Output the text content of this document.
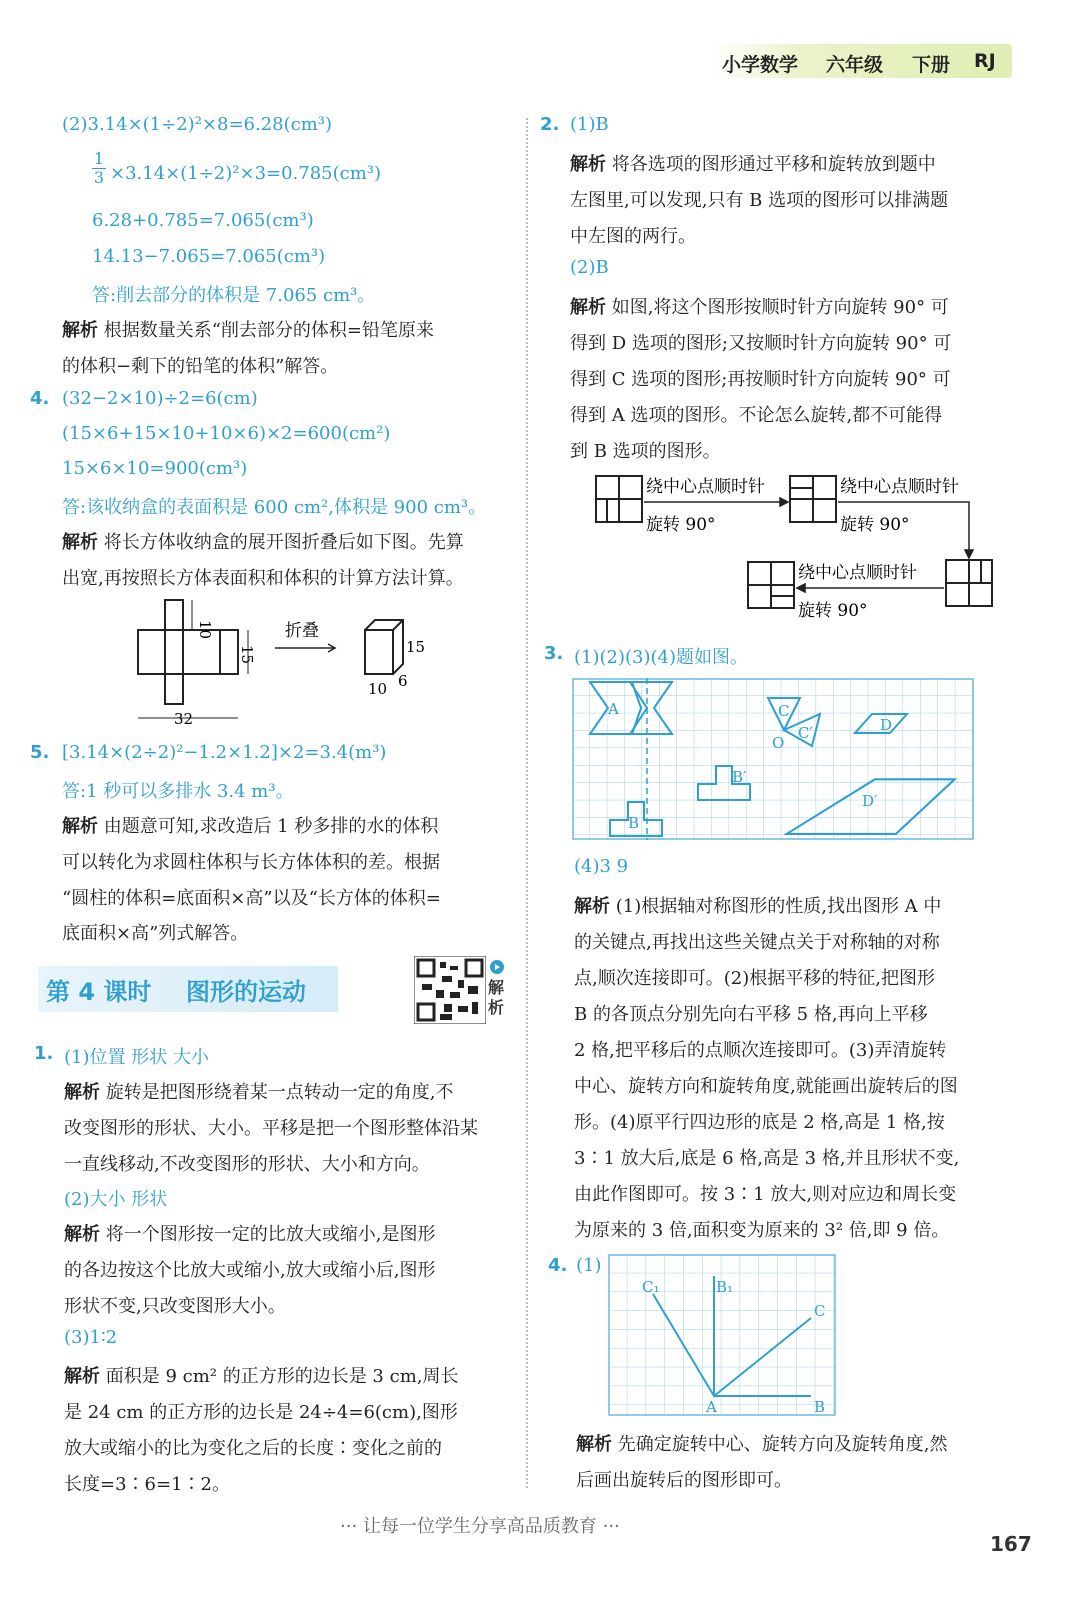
小学数学 六年级 下册 RJ
(2)3.14×(1÷2)²×8=6.28(cm³)
$\frac{1}{3} \times 3.14\times(1\div 2)^2\times 3=0.785(cm^3)$
6.28+0.785=7.065(cm³)
14.13−7.065=7.065(cm³)
答:削去部分的体积是 7.065 cm³。
解析 根据数量关系“削去部分的体积=铅笔原来
的体积−剩下的铅笔的体积”解答。
4. (32−2×10)÷2=6(cm)
(15×6+15×10+10×6)×2=600(cm²)
15×6×10=900(cm³)
答:该收纳盒的表面积是 600 cm²,体积是 900 cm³。
解析 将长方体收纳盒的展开图折叠后如下图。先算
出宽,再按照长方体表面积和体积的计算方法计算。
10
15
折叠
15
10 6
32
5. [3.14×(2÷2)²−1.2×1.2]×2=3.4(m³)
答:1 秒可以多排水 3.4 m³。
解析 由题意可知,求改造后 1 秒多排的水的体积
可以转化为求圆柱体积与长方体体积的差。根据
“圆柱的体积=底面积×高”以及“长方体的体积=
底面积×高”列式解答。
第 4 课时 图形的运动	解
析
1. (1)位置 形状 大小
解析 旋转是把图形绕着某一点转动一定的角度,不
改变图形的形状、大小。平移是把一个图形整体沿某
一直线移动,不改变图形的形状、大小和方向。
(2)大小 形状
解析 将一个图形按一定的比放大或缩小,是图形
的各边按这个比放大或缩小,放大或缩小后,图形
形状不变,只改变图形大小。
(3)1∶2
解析 面积是 9 cm² 的正方形的边长是 3 cm,周长
是 24 cm 的正方形的边长是 24÷4=6(cm),图形
放大或缩小的比为变化之后的长度∶变化之前的
长度=3∶6=1∶2。
2. (1)B
解析 将各选项的图形通过平移和旋转放到题中
左图里,可以发现,只有 B 选项的图形可以排满题
中左图的两行。
(2)B
解析 如图,将这个图形按顺时针方向旋转 90° 可
得到 D 选项的图形;又按顺时针方向旋转 90° 可
得到 C 选项的图形;再按顺时针方向旋转 90° 可
得到 A 选项的图形。不论怎么旋转,都不可能得
到 B 选项的图形。
绕中心点顺时针
旋转 90°
绕中心点顺时针
旋转 90°
绕中心点顺时针
旋转 90°
3. (1)(2)(3)(4)题如图。
A
B
B′
C
C′
O
D
D′
(4)3 9
解析 (1)根据轴对称图形的性质,找出图形 A 中
的关键点,再找出这些关键点关于对称轴的对称
点,顺次连接即可。(2)根据平移的特征,把图形
B 的各顶点分别先向右平移 5 格,再向上平移
2 格,把平移后的点顺次连接即可。(3)弄清旋转
中心、旋转方向和旋转角度,就能画出旋转后的图
形。(4)原平行四边形的底是 2 格,高是 1 格,按
3∶1 放大后,底是 6 格,高是 3 格,并且形状不变,
由此作图即可。按 3∶1 放大,则对应边和周长变
为原来的 3 倍,面积变为原来的 3² 倍,即 9 倍。
4. (1)
C₁	B₁
C
A	B
解析 先确定旋转中心、旋转方向及旋转角度,然
后画出旋转后的图形即可。
··· 让每一位学生分享高品质教育 ···
167
